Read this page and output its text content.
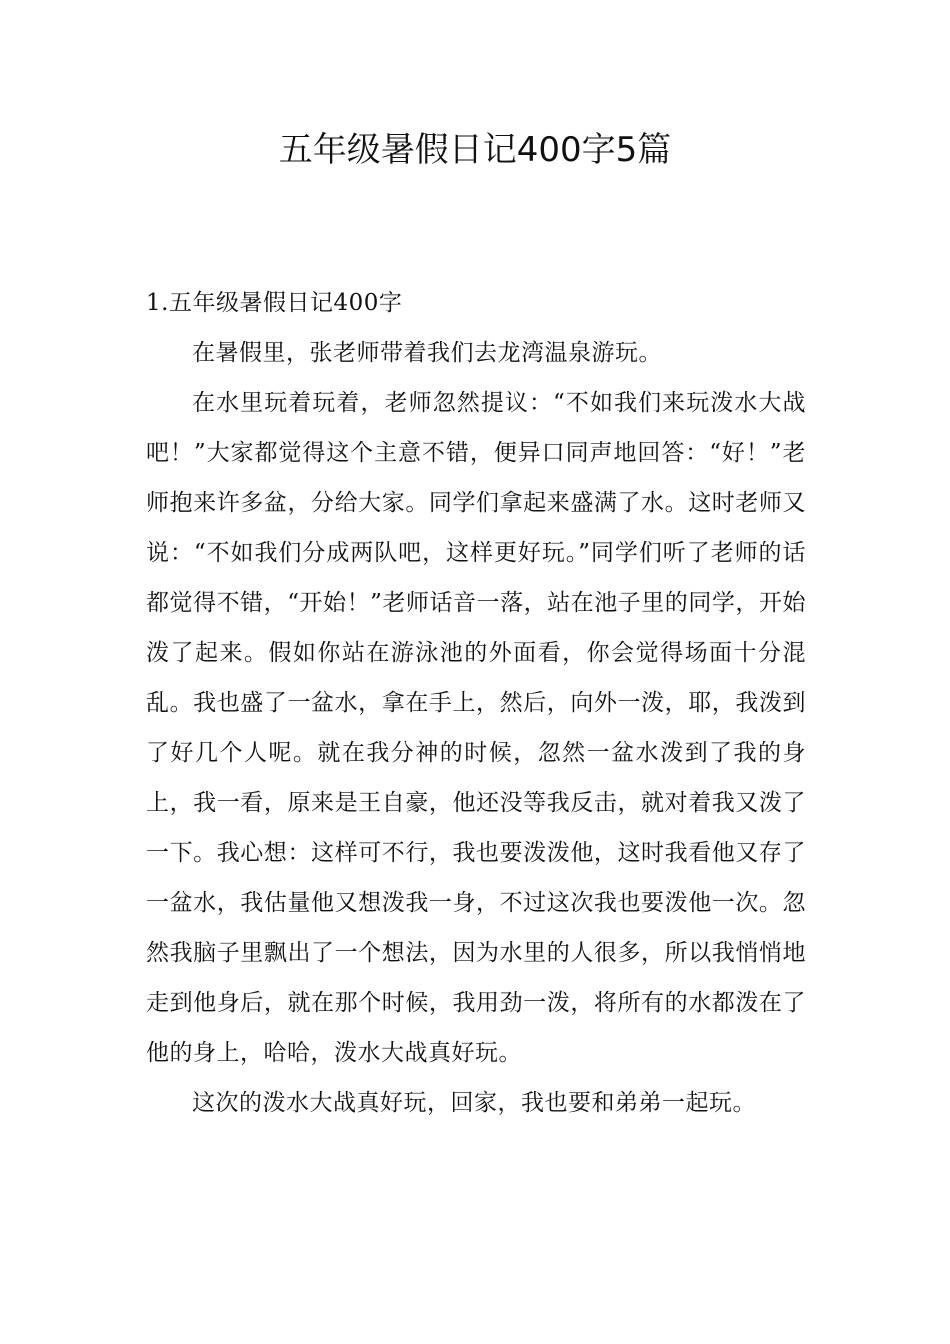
五年级暑假日记400字5篇

1.五年级暑假日记400字

在暑假里，张老师带着我们去龙湾温泉游玩。

在水里玩着玩着，老师忽然提议：“不如我们来玩泼水大战吧！”大家都觉得这个主意不错，便异口同声地回答：“好！”老师抱来许多盆，分给大家。同学们拿起来盛满了水。这时老师又说：“不如我们分成两队吧，这样更好玩。”同学们听了老师的话都觉得不错，“开始！”老师话音一落，站在池子里的同学，开始泼了起来。假如你站在游泳池的外面看，你会觉得场面十分混乱。我也盛了一盆水，拿在手上，然后，向外一泼，耶，我泼到了好几个人呢。就在我分神的时候，忽然一盆水泼到了我的身上，我一看，原来是王自豪，他还没等我反击，就对着我又泼了一下。我心想：这样可不行，我也要泼泼他，这时我看他又存了一盆水，我估量他又想泼我一身，不过这次我也要泼他一次。忽然我脑子里飘出了一个想法，因为水里的人很多，所以我悄悄地走到他身后，就在那个时候，我用劲一泼，将所有的水都泼在了他的身上，哈哈，泼水大战真好玩。

这次的泼水大战真好玩，回家，我也要和弟弟一起玩。
